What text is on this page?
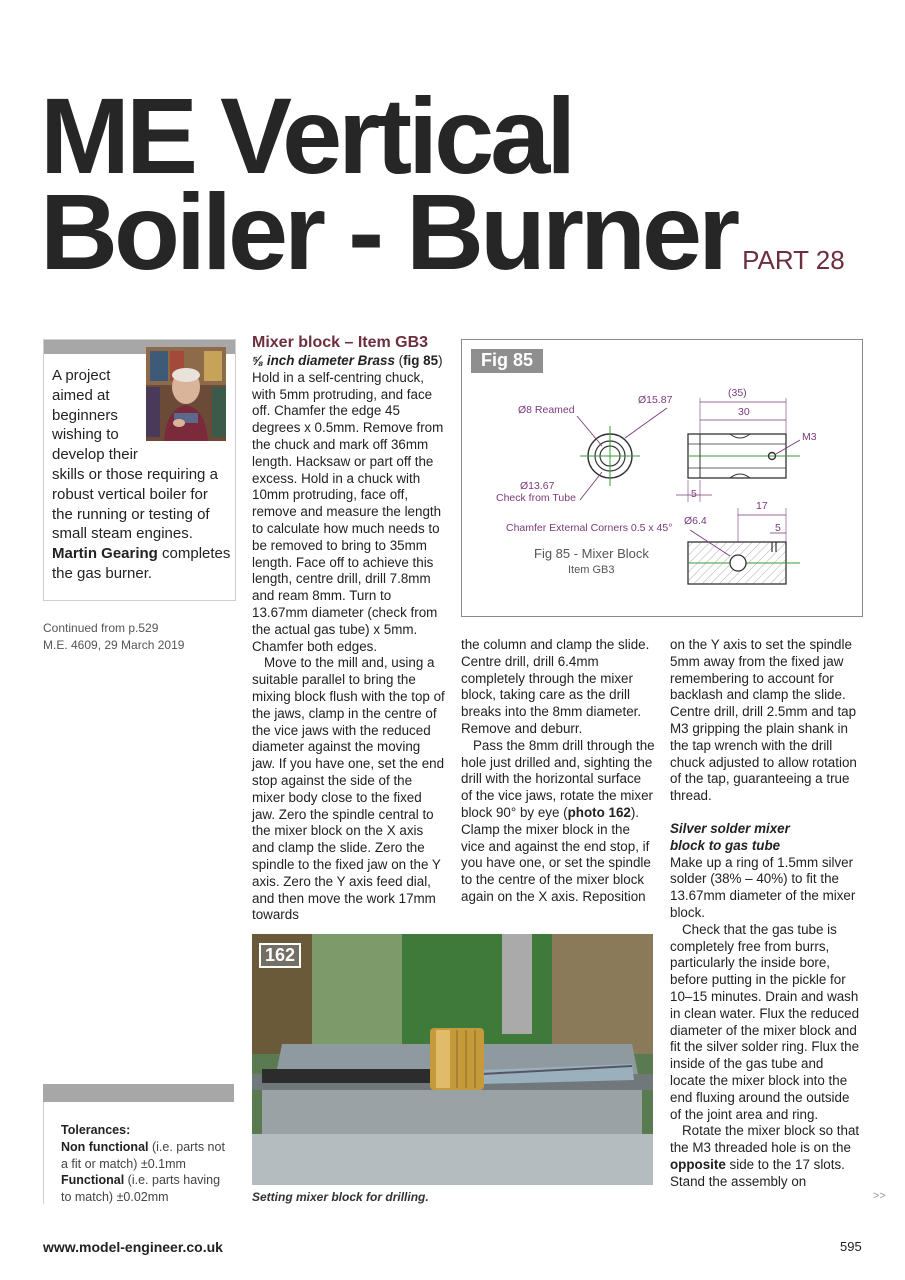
ME Vertical
Boiler - Burner PART 28
A project
aimed at
beginners
wishing to
develop their
skills or those requiring a
robust vertical boiler for
the running or testing of
small steam engines.
Martin Gearing completes
the gas burner.
Continued from p.529
M.E. 4609, 29 March 2019
Mixer block – Item GB3

⅝ inch diameter Brass (fig 85)

Hold in a self-centring chuck, with 5mm protruding, and face off. Chamfer the edge 45 degrees x 0.5mm. Remove from the chuck and mark off 36mm length. Hacksaw or part off the excess. Hold in a chuck with 10mm protruding, face off, remove and measure the length to calculate how much needs to be removed to bring to 35mm length. Face off to achieve this length, centre drill, drill 7.8mm and ream 8mm. Turn to 13.67mm diameter (check from the actual gas tube) x 5mm. Chamfer both edges.

Move to the mill and, using a suitable parallel to bring the mixing block flush with the top of the jaws, clamp in the centre of the vice jaws with the reduced diameter against the moving jaw. If you have one, set the end stop against the side of the mixer body close to the fixed jaw. Zero the spindle central to the mixer block on the X axis and clamp the slide. Zero the spindle to the fixed jaw on the Y axis. Zero the Y axis feed dial, and then move the work 17mm towards

Fig 85
Ø8 Reamed
Ø15.87
Ø13.67
Check from Tube
(35)
30
M3
5
17
Ø6.4
5
Chamfer External Corners 0.5 x 45°
Fig 85 - Mixer Block
Item GB3

the column and clamp the slide. Centre drill, drill 6.4mm completely through the mixer block, taking care as the drill breaks into the 8mm diameter. Remove and deburr.

Pass the 8mm drill through the hole just drilled and, sighting the drill with the horizontal surface of the vice jaws, rotate the mixer block 90° by eye (photo 162). Clamp the mixer block in the vice and against the end stop, if you have one, or set the spindle to the centre of the mixer block again on the X axis. Reposition

on the Y axis to set the spindle 5mm away from the fixed jaw remembering to account for backlash and clamp the slide. Centre drill, drill 2.5mm and tap M3 gripping the plain shank in the tap wrench with the drill chuck adjusted to allow rotation of the tap, guaranteeing a true thread.

Silver solder mixer

block to gas tube

Make up a ring of 1.5mm silver solder (38% – 40%) to fit the 13.67mm diameter of the mixer block.

Check that the gas tube is completely free from burrs, particularly the inside bore, before putting in the pickle for 10–15 minutes. Drain and wash in clean water. Flux the reduced diameter of the mixer block and fit the silver solder ring. Flux the inside of the gas tube and locate the mixer block into the end fluxing around the outside of the joint area and ring.

Rotate the mixer block so that the M3 threaded hole is on the opposite side to the 17 slots. Stand the assembly on

162
Setting mixer block for drilling.
Tolerances:
Non functional (i.e. parts not a fit or match) ±0.1mm
Functional (i.e. parts having to match) ±0.02mm	>>
www.model-engineer.co.uk	595
